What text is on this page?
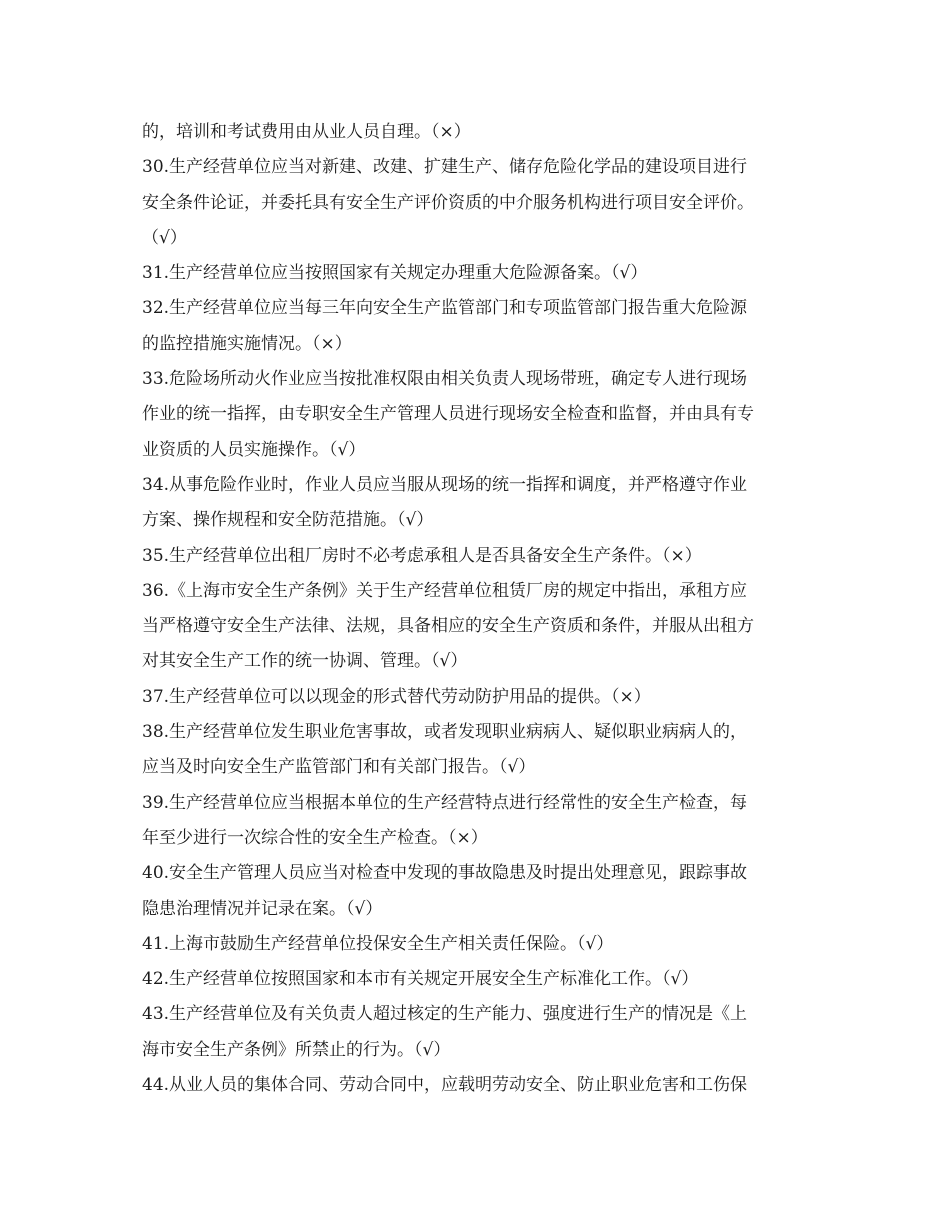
的，培训和考试费用由从业人员自理。（×）
30.生产经营单位应当对新建、改建、扩建生产、储存危险化学品的建设项目进行
安全条件论证，并委托具有安全生产评价资质的中介服务机构进行项目安全评价。
（√）
31.生产经营单位应当按照国家有关规定办理重大危险源备案。（√）
32.生产经营单位应当每三年向安全生产监管部门和专项监管部门报告重大危险源
的监控措施实施情况。（×）
33.危险场所动火作业应当按批准权限由相关负责人现场带班，确定专人进行现场
作业的统一指挥，由专职安全生产管理人员进行现场安全检查和监督，并由具有专
业资质的人员实施操作。（√）
34.从事危险作业时，作业人员应当服从现场的统一指挥和调度，并严格遵守作业
方案、操作规程和安全防范措施。（√）
35.生产经营单位出租厂房时不必考虑承租人是否具备安全生产条件。（×）
36.《上海市安全生产条例》关于生产经营单位租赁厂房的规定中指出，承租方应
当严格遵守安全生产法律、法规，具备相应的安全生产资质和条件，并服从出租方
对其安全生产工作的统一协调、管理。（√）
37.生产经营单位可以以现金的形式替代劳动防护用品的提供。（×）
38.生产经营单位发生职业危害事故，或者发现职业病病人、疑似职业病病人的，
应当及时向安全生产监管部门和有关部门报告。（√）
39.生产经营单位应当根据本单位的生产经营特点进行经常性的安全生产检查，每
年至少进行一次综合性的安全生产检查。（×）
40.安全生产管理人员应当对检查中发现的事故隐患及时提出处理意见，跟踪事故
隐患治理情况并记录在案。（√）
41.上海市鼓励生产经营单位投保安全生产相关责任保险。（√）
42.生产经营单位按照国家和本市有关规定开展安全生产标准化工作。（√）
43.生产经营单位及有关负责人超过核定的生产能力、强度进行生产的情况是《上
海市安全生产条例》所禁止的行为。（√）
44.从业人员的集体合同、劳动合同中，应载明劳动安全、防止职业危害和工伤保
